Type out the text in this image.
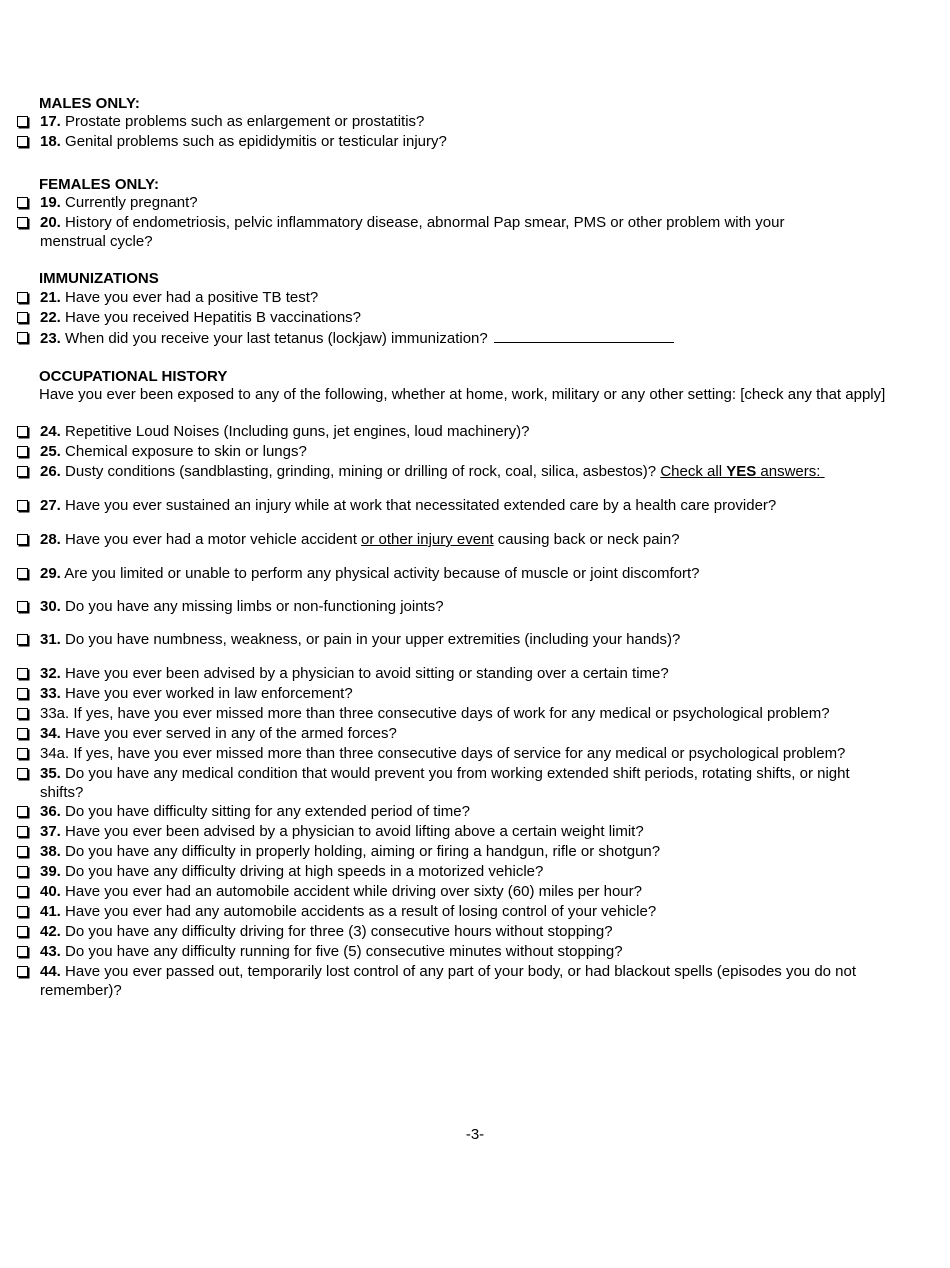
MALES ONLY:
17. Prostate problems such as enlargement or prostatitis?
18. Genital problems such as epididymitis or testicular injury?
FEMALES ONLY:
19. Currently pregnant?
20. History of endometriosis, pelvic inflammatory disease, abnormal Pap smear, PMS or other problem with your menstrual cycle?
IMMUNIZATIONS
21. Have you ever had a positive TB test?
22. Have you received Hepatitis B vaccinations?
23. When did you receive your last tetanus (lockjaw) immunization?
OCCUPATIONAL HISTORY
Have you ever been exposed to any of the following, whether at home, work, military or any other setting: [check any that apply]
24. Repetitive Loud Noises (Including guns, jet engines, loud machinery)?
25. Chemical exposure to skin or lungs?
26. Dusty conditions (sandblasting, grinding, mining or drilling of rock, coal, silica, asbestos)? Check all YES answers:
27. Have you ever sustained an injury while at work that necessitated extended care by a health care provider?
28. Have you ever had a motor vehicle accident or other injury event causing back or neck pain?
29. Are you limited or unable to perform any physical activity because of muscle or joint discomfort?
30. Do you have any missing limbs or non-functioning joints?
31. Do you have numbness, weakness, or pain in your upper extremities (including your hands)?
32. Have you ever been advised by a physician to avoid sitting or standing over a certain time?
33. Have you ever worked in law enforcement?
33a. If yes, have you ever missed more than three consecutive days of work for any medical or psychological problem?
34. Have you ever served in any of the armed forces?
34a. If yes, have you ever missed more than three consecutive days of service for any medical or psychological problem?
35. Do you have any medical condition that would prevent you from working extended shift periods, rotating shifts, or night shifts?
36. Do you have difficulty sitting for any extended period of time?
37. Have you ever been advised by a physician to avoid lifting above a certain weight limit?
38. Do you have any difficulty in properly holding, aiming or firing a handgun, rifle or shotgun?
39. Do you have any difficulty driving at high speeds in a motorized vehicle?
40. Have you ever had an automobile accident while driving over sixty (60) miles per hour?
41. Have you ever had any automobile accidents as a result of losing control of your vehicle?
42. Do you have any difficulty driving for three (3) consecutive hours without stopping?
43. Do you have any difficulty running for five (5) consecutive minutes without stopping?
44. Have you ever passed out, temporarily lost control of any part of your body, or had blackout spells (episodes you do not remember)?
-3-
